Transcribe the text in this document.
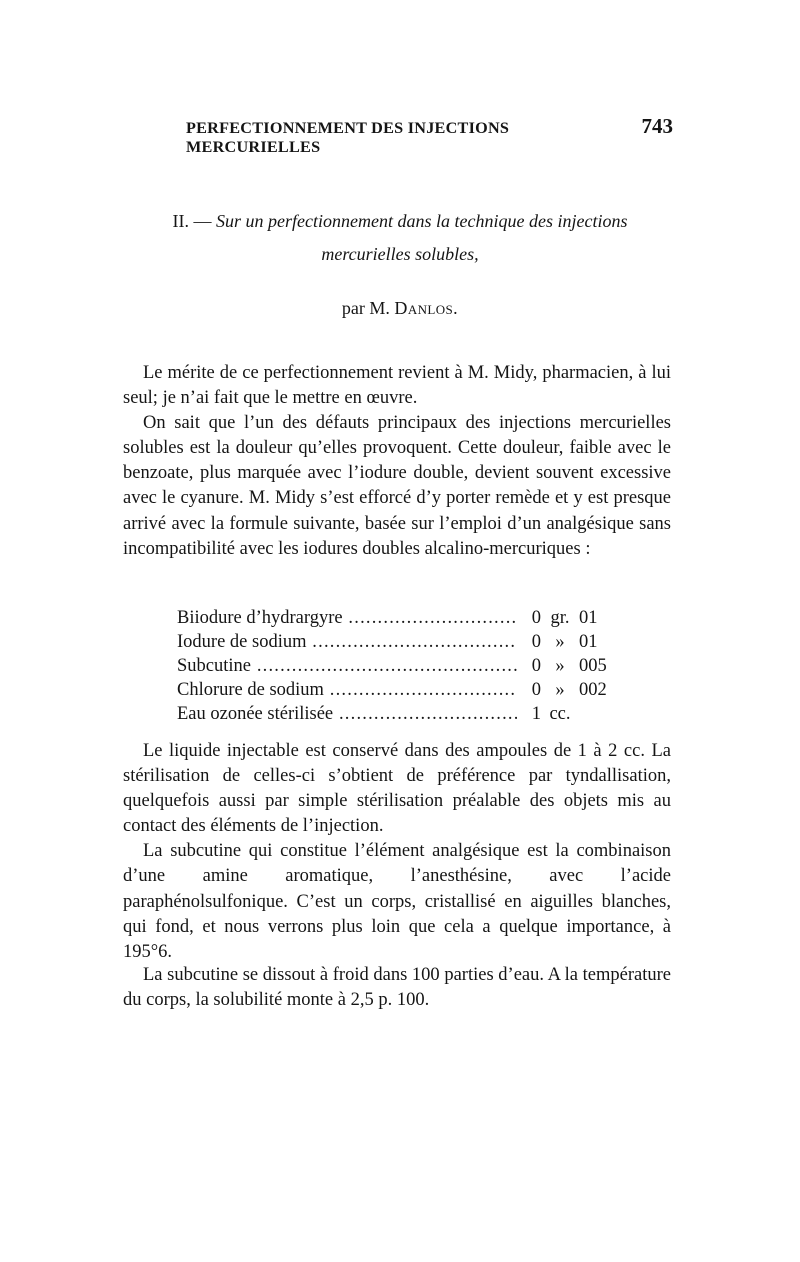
PERFECTIONNEMENT DES INJECTIONS MERCURIELLES
743
II. — Sur un perfectionnement dans la technique des injections
mercurielles solubles,
par M. Danlos.

Le mérite de ce perfectionnement revient à M. Midy, pharmacien, à lui seul; je n’ai fait que le mettre en œuvre.

On sait que l’un des défauts principaux des injections mercurielles solubles est la douleur qu’elles provoquent. Cette douleur, faible avec le benzoate, plus marquée avec l’iodure double, devient souvent excessive avec le cyanure. M. Midy s’est efforcé d’y porter remède et y est presque arrivé avec la formule suivante, basée sur l’emploi d’un analgésique sans incompatibilité avec les iodures doubles alcalino-mercuriques :

Biiodure d’hydrargyre .....	0 gr. 01
Iodure de sodium .....	0 » 01
Subcutine .....	0 » 005
Chlorure de sodium .....	0 » 002
Eau ozonée stérilisée .....	1 cc.

Le liquide injectable est conservé dans des ampoules de 1 à 2 cc. La stérilisation de celles-ci s’obtient de préférence par tyndallisation, quelquefois aussi par simple stérilisation préalable des objets mis au contact des éléments de l’injection.

La subcutine qui constitue l’élément analgésique est la combinaison d’une amine aromatique, l’anesthésine, avec l’acide paraphénolsulfonique. C’est un corps, cristallisé en aiguilles blanches, qui fond, et nous verrons plus loin que cela a quelque importance, à 195°6.

La subcutine se dissout à froid dans 100 parties d’eau. A la température du corps, la solubilité monte à 2,5 p. 100.
